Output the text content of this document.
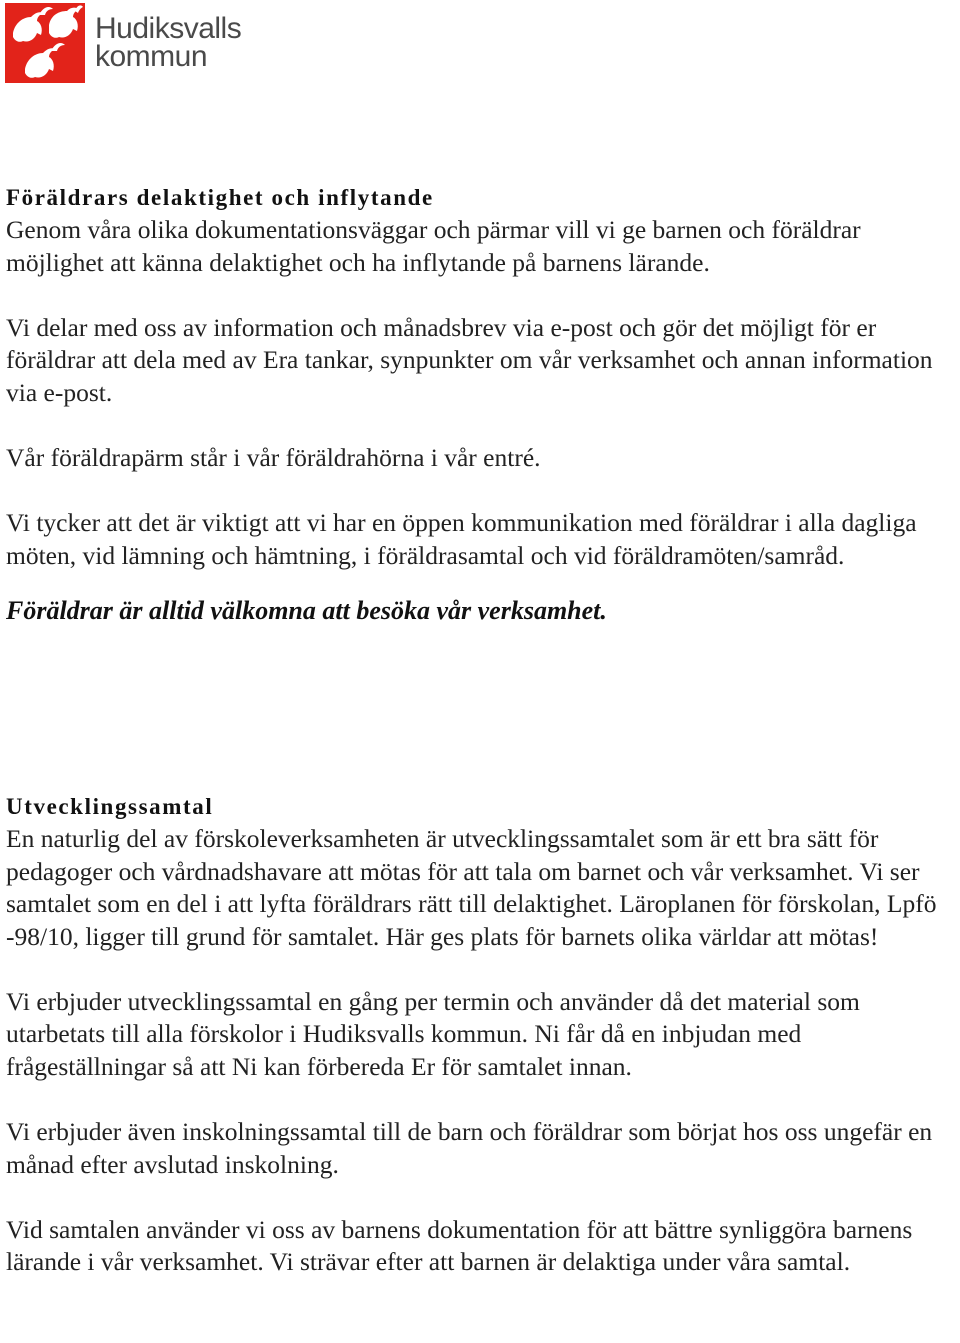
Hudiksvalls
kommun
Föräldrars delaktighet och inflytande

Genom våra olika dokumentationsväggar och pärmar vill vi ge barnen och föräldrar möjlighet att känna delaktighet och ha inflytande på barnens lärande.

Vi delar med oss av information och månadsbrev via e-post och gör det möjligt för er föräldrar att dela med av Era tankar, synpunkter om vår verksamhet och annan information via e-post.

Vår föräldrapärm står i vår föräldrahörna i vår entré.

Vi tycker att det är viktigt att vi har en öppen kommunikation med föräldrar i alla dagliga möten, vid lämning och hämtning, i föräldrasamtal och vid föräldramöten/samråd.

Föräldrar är alltid välkomna att besöka vår verksamhet.

Utvecklingssamtal

En naturlig del av förskoleverksamheten är utvecklingssamtalet som är ett bra sätt för pedagoger och vårdnadshavare att mötas för att tala om barnet och vår verksamhet. Vi ser samtalet som en del i att lyfta föräldrars rätt till delaktighet. Läroplanen för förskolan, Lpfö -98/10, ligger till grund för samtalet. Här ges plats för barnets olika världar att mötas!

Vi erbjuder utvecklingssamtal en gång per termin och använder då det material som utarbetats till alla förskolor i Hudiksvalls kommun. Ni får då en inbjudan med frågeställningar så att Ni kan förbereda Er för samtalet innan.

Vi erbjuder även inskolningssamtal till de barn och föräldrar som börjat hos oss ungefär en månad efter avslutad inskolning.

Vid samtalen använder vi oss av barnens dokumentation för att bättre synliggöra barnens lärande i vår verksamhet. Vi strävar efter att barnen är delaktiga under våra samtal.
